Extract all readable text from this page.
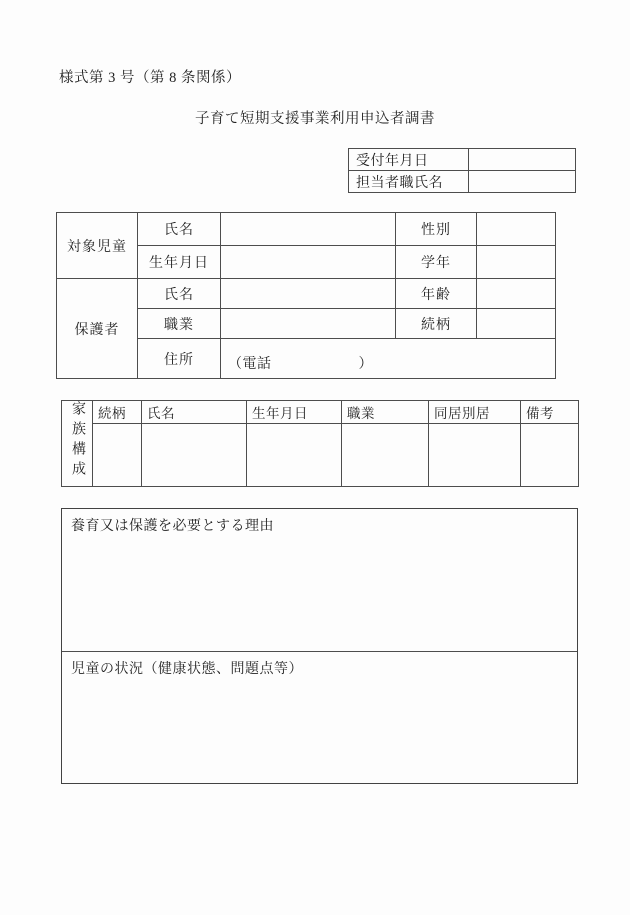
様式第 3 号（第 8 条関係）
子育て短期支援事業利用申込者調書
受付年月日	
担当者職氏名	
対象児童	氏名		性別	
	生年月日		学年	
保護者	氏名		年齢	
	職業		続柄	
	住所	（電話　　　　　　）		
家族構成	続柄	氏名	生年月日	職業	同居別居	備考

養育又は保護を必要とする理由
児童の状況（健康状態、問題点等）
